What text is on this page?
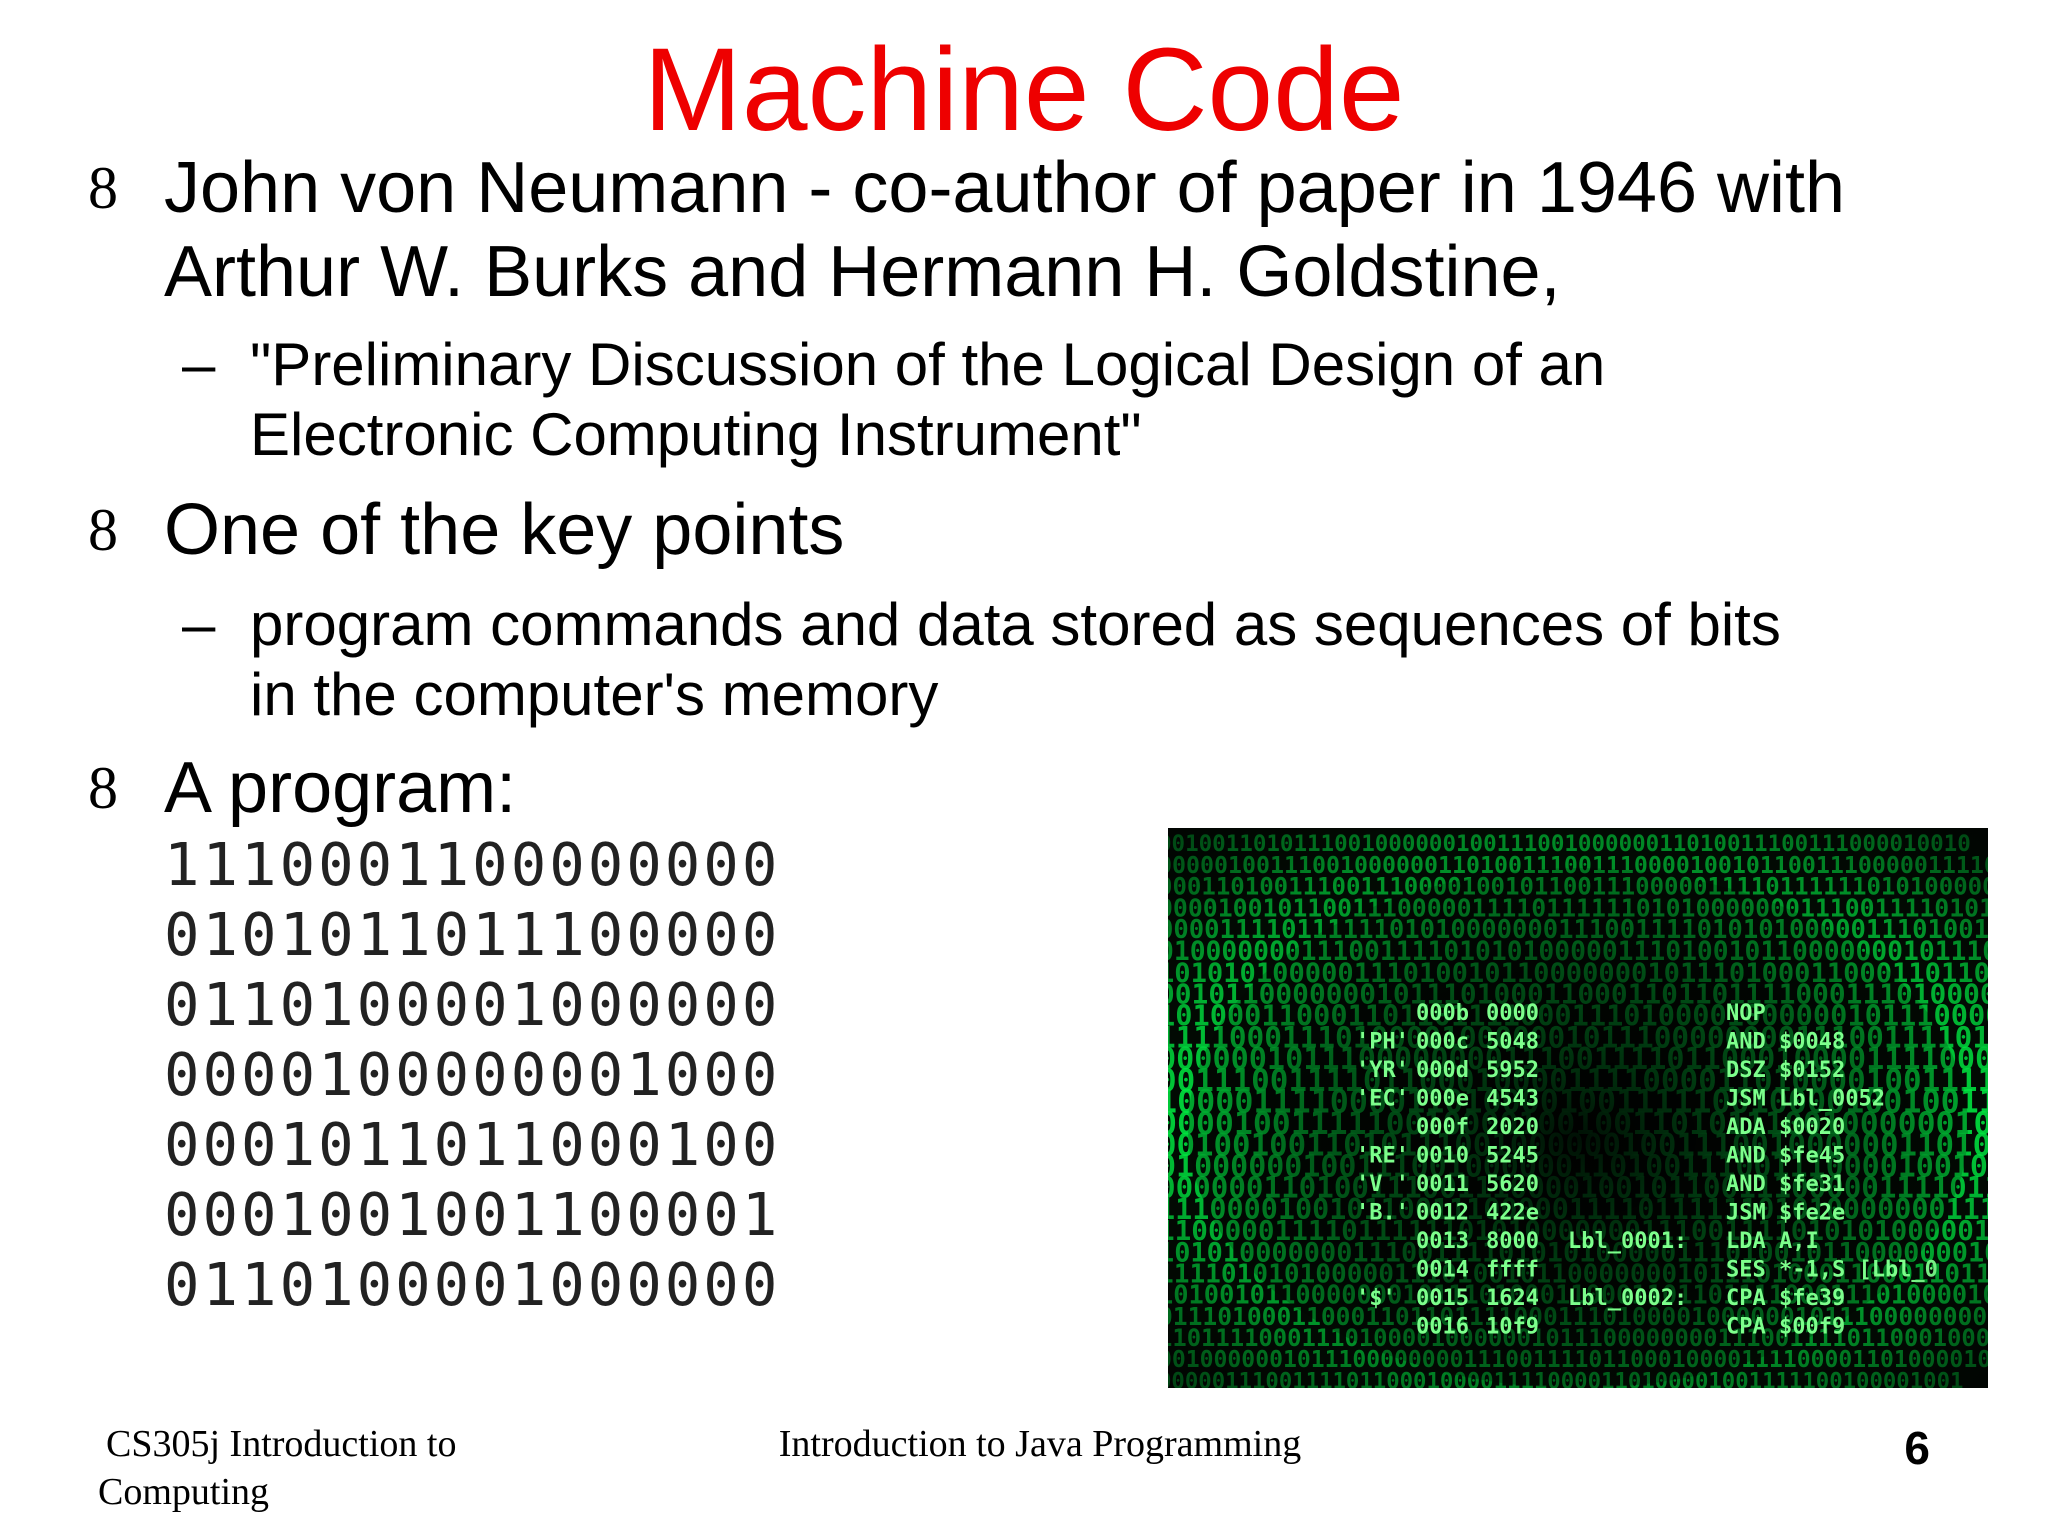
Machine Code
8 John von Neumann - co-author of paper in 1946 with
Arthur W. Burks and Hermann H. Goldstine,
– "Preliminary Discussion of the Logical Design of an
Electronic Computing Instrument"
8 One of the key points
– program commands and data stored as sequences of bits
in the computer's memory
8 A program:
1110001100000000
0101011011100000
0110100001000000
0000100000001000
0001011011000100
0001001001100001
0110100001000000
CS305j Introduction to
Computing
Introduction to Java Programming	6
